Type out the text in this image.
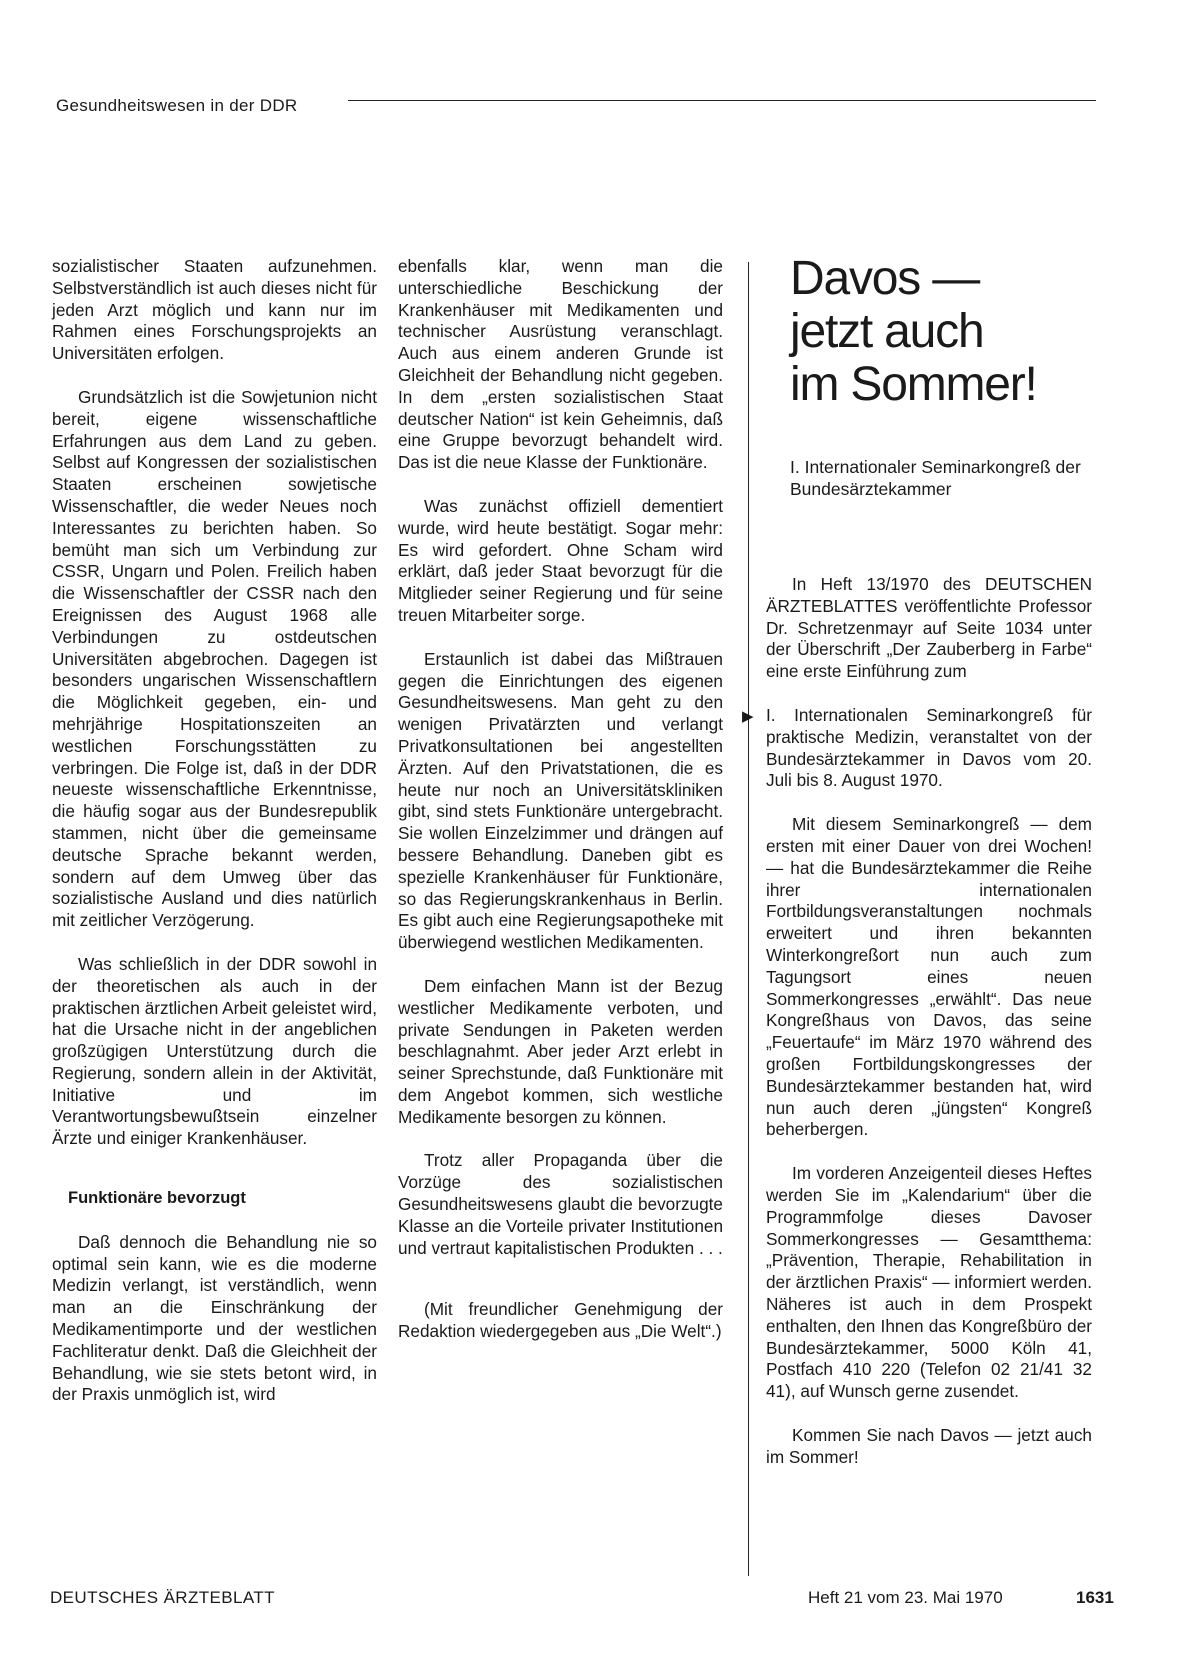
Gesundheitswesen in der DDR

sozialistischer Staaten aufzunehmen. Selbstverständlich ist auch dieses nicht für jeden Arzt möglich und kann nur im Rahmen eines Forschungsprojekts an Universitäten erfolgen.

Grundsätzlich ist die Sowjetunion nicht bereit, eigene wissenschaftliche Erfahrungen aus dem Land zu geben. Selbst auf Kongressen der sozialistischen Staaten erscheinen sowjetische Wissenschaftler, die weder Neues noch Interessantes zu berichten haben. So bemüht man sich um Verbindung zur CSSR, Ungarn und Polen. Freilich haben die Wissenschaftler der CSSR nach den Ereignissen des August 1968 alle Verbindungen zu ostdeutschen Universitäten abgebrochen. Dagegen ist besonders ungarischen Wissenschaftlern die Möglichkeit gegeben, ein- und mehrjährige Hospitationszeiten an westlichen Forschungsstätten zu verbringen. Die Folge ist, daß in der DDR neueste wissenschaftliche Erkenntnisse, die häufig sogar aus der Bundesrepublik stammen, nicht über die gemeinsame deutsche Sprache bekannt werden, sondern auf dem Umweg über das sozialistische Ausland und dies natürlich mit zeitlicher Verzögerung.

Was schließlich in der DDR sowohl in der theoretischen als auch in der praktischen ärztlichen Arbeit geleistet wird, hat die Ursache nicht in der angeblichen großzügigen Unterstützung durch die Regierung, sondern allein in der Aktivität, Initiative und im Verantwortungsbewußtsein einzelner Ärzte und einiger Krankenhäuser.

Funktionäre bevorzugt

Daß dennoch die Behandlung nie so optimal sein kann, wie es die moderne Medizin verlangt, ist verständlich, wenn man an die Einschränkung der Medikamentimporte und der westlichen Fachliteratur denkt. Daß die Gleichheit der Behandlung, wie sie stets betont wird, in der Praxis unmöglich ist, wird

ebenfalls klar, wenn man die unterschiedliche Beschickung der Krankenhäuser mit Medikamenten und technischer Ausrüstung veranschlagt. Auch aus einem anderen Grunde ist Gleichheit der Behandlung nicht gegeben. In dem „ersten sozialistischen Staat deutscher Nation“ ist kein Geheimnis, daß eine Gruppe bevorzugt behandelt wird. Das ist die neue Klasse der Funktionäre.

Was zunächst offiziell dementiert wurde, wird heute bestätigt. Sogar mehr: Es wird gefordert. Ohne Scham wird erklärt, daß jeder Staat bevorzugt für die Mitglieder seiner Regierung und für seine treuen Mitarbeiter sorge.

Erstaunlich ist dabei das Mißtrauen gegen die Einrichtungen des eigenen Gesundheitswesens. Man geht zu den wenigen Privatärzten und verlangt Privatkonsultationen bei angestellten Ärzten. Auf den Privatstationen, die es heute nur noch an Universitätskliniken gibt, sind stets Funktionäre untergebracht. Sie wollen Einzelzimmer und drängen auf bessere Behandlung. Daneben gibt es spezielle Krankenhäuser für Funktionäre, so das Regierungskrankenhaus in Berlin. Es gibt auch eine Regierungsapotheke mit überwiegend westlichen Medikamenten.

Dem einfachen Mann ist der Bezug westlicher Medikamente verboten, und private Sendungen in Paketen werden beschlagnahmt. Aber jeder Arzt erlebt in seiner Sprechstunde, daß Funktionäre mit dem Angebot kommen, sich westliche Medikamente besorgen zu können.

Trotz aller Propaganda über die Vorzüge des sozialistischen Gesundheitswesens glaubt die bevorzugte Klasse an die Vorteile privater Institutionen und vertraut kapitalistischen Produkten . . .

(Mit freundlicher Genehmigung der Redaktion wiedergegeben aus „Die Welt“.)

Davos —
jetzt auch
im Sommer!
I. Internationaler Seminarkongreß der Bundesärztekammer

In Heft 13/1970 des DEUTSCHEN ÄRZTEBLATTES veröffentlichte Professor Dr. Schretzenmayr auf Seite 1034 unter der Überschrift „Der Zauberberg in Farbe“ eine erste Einführung zum

▶ I. Internationalen Seminarkongreß für praktische Medizin, veranstaltet von der Bundesärztekammer in Davos vom 20. Juli bis 8. August 1970.

Mit diesem Seminarkongreß — dem ersten mit einer Dauer von drei Wochen! — hat die Bundesärztekammer die Reihe ihrer internationalen Fortbildungsveranstaltungen nochmals erweitert und ihren bekannten Winterkongreßort nun auch zum Tagungsort eines neuen Sommerkongresses „erwählt“. Das neue Kongreßhaus von Davos, das seine „Feuertaufe“ im März 1970 während des großen Fortbildungskongresses der Bundesärztekammer bestanden hat, wird nun auch deren „jüngsten“ Kongreß beherbergen.

Im vorderen Anzeigenteil dieses Heftes werden Sie im „Kalendarium“ über die Programmfolge dieses Davoser Sommerkongresses — Gesamtthema: „Prävention, Therapie, Rehabilitation in der ärztlichen Praxis“ — informiert werden. Näheres ist auch in dem Prospekt enthalten, den Ihnen das Kongreßbüro der Bundesärztekammer, 5000 Köln 41, Postfach 410 220 (Telefon 02 21/41 32 41), auf Wunsch gerne zusendet.

Kommen Sie nach Davos — jetzt auch im Sommer!

DEUTSCHES ÄRZTEBLATT	Heft 21 vom 23. Mai 1970	1631
